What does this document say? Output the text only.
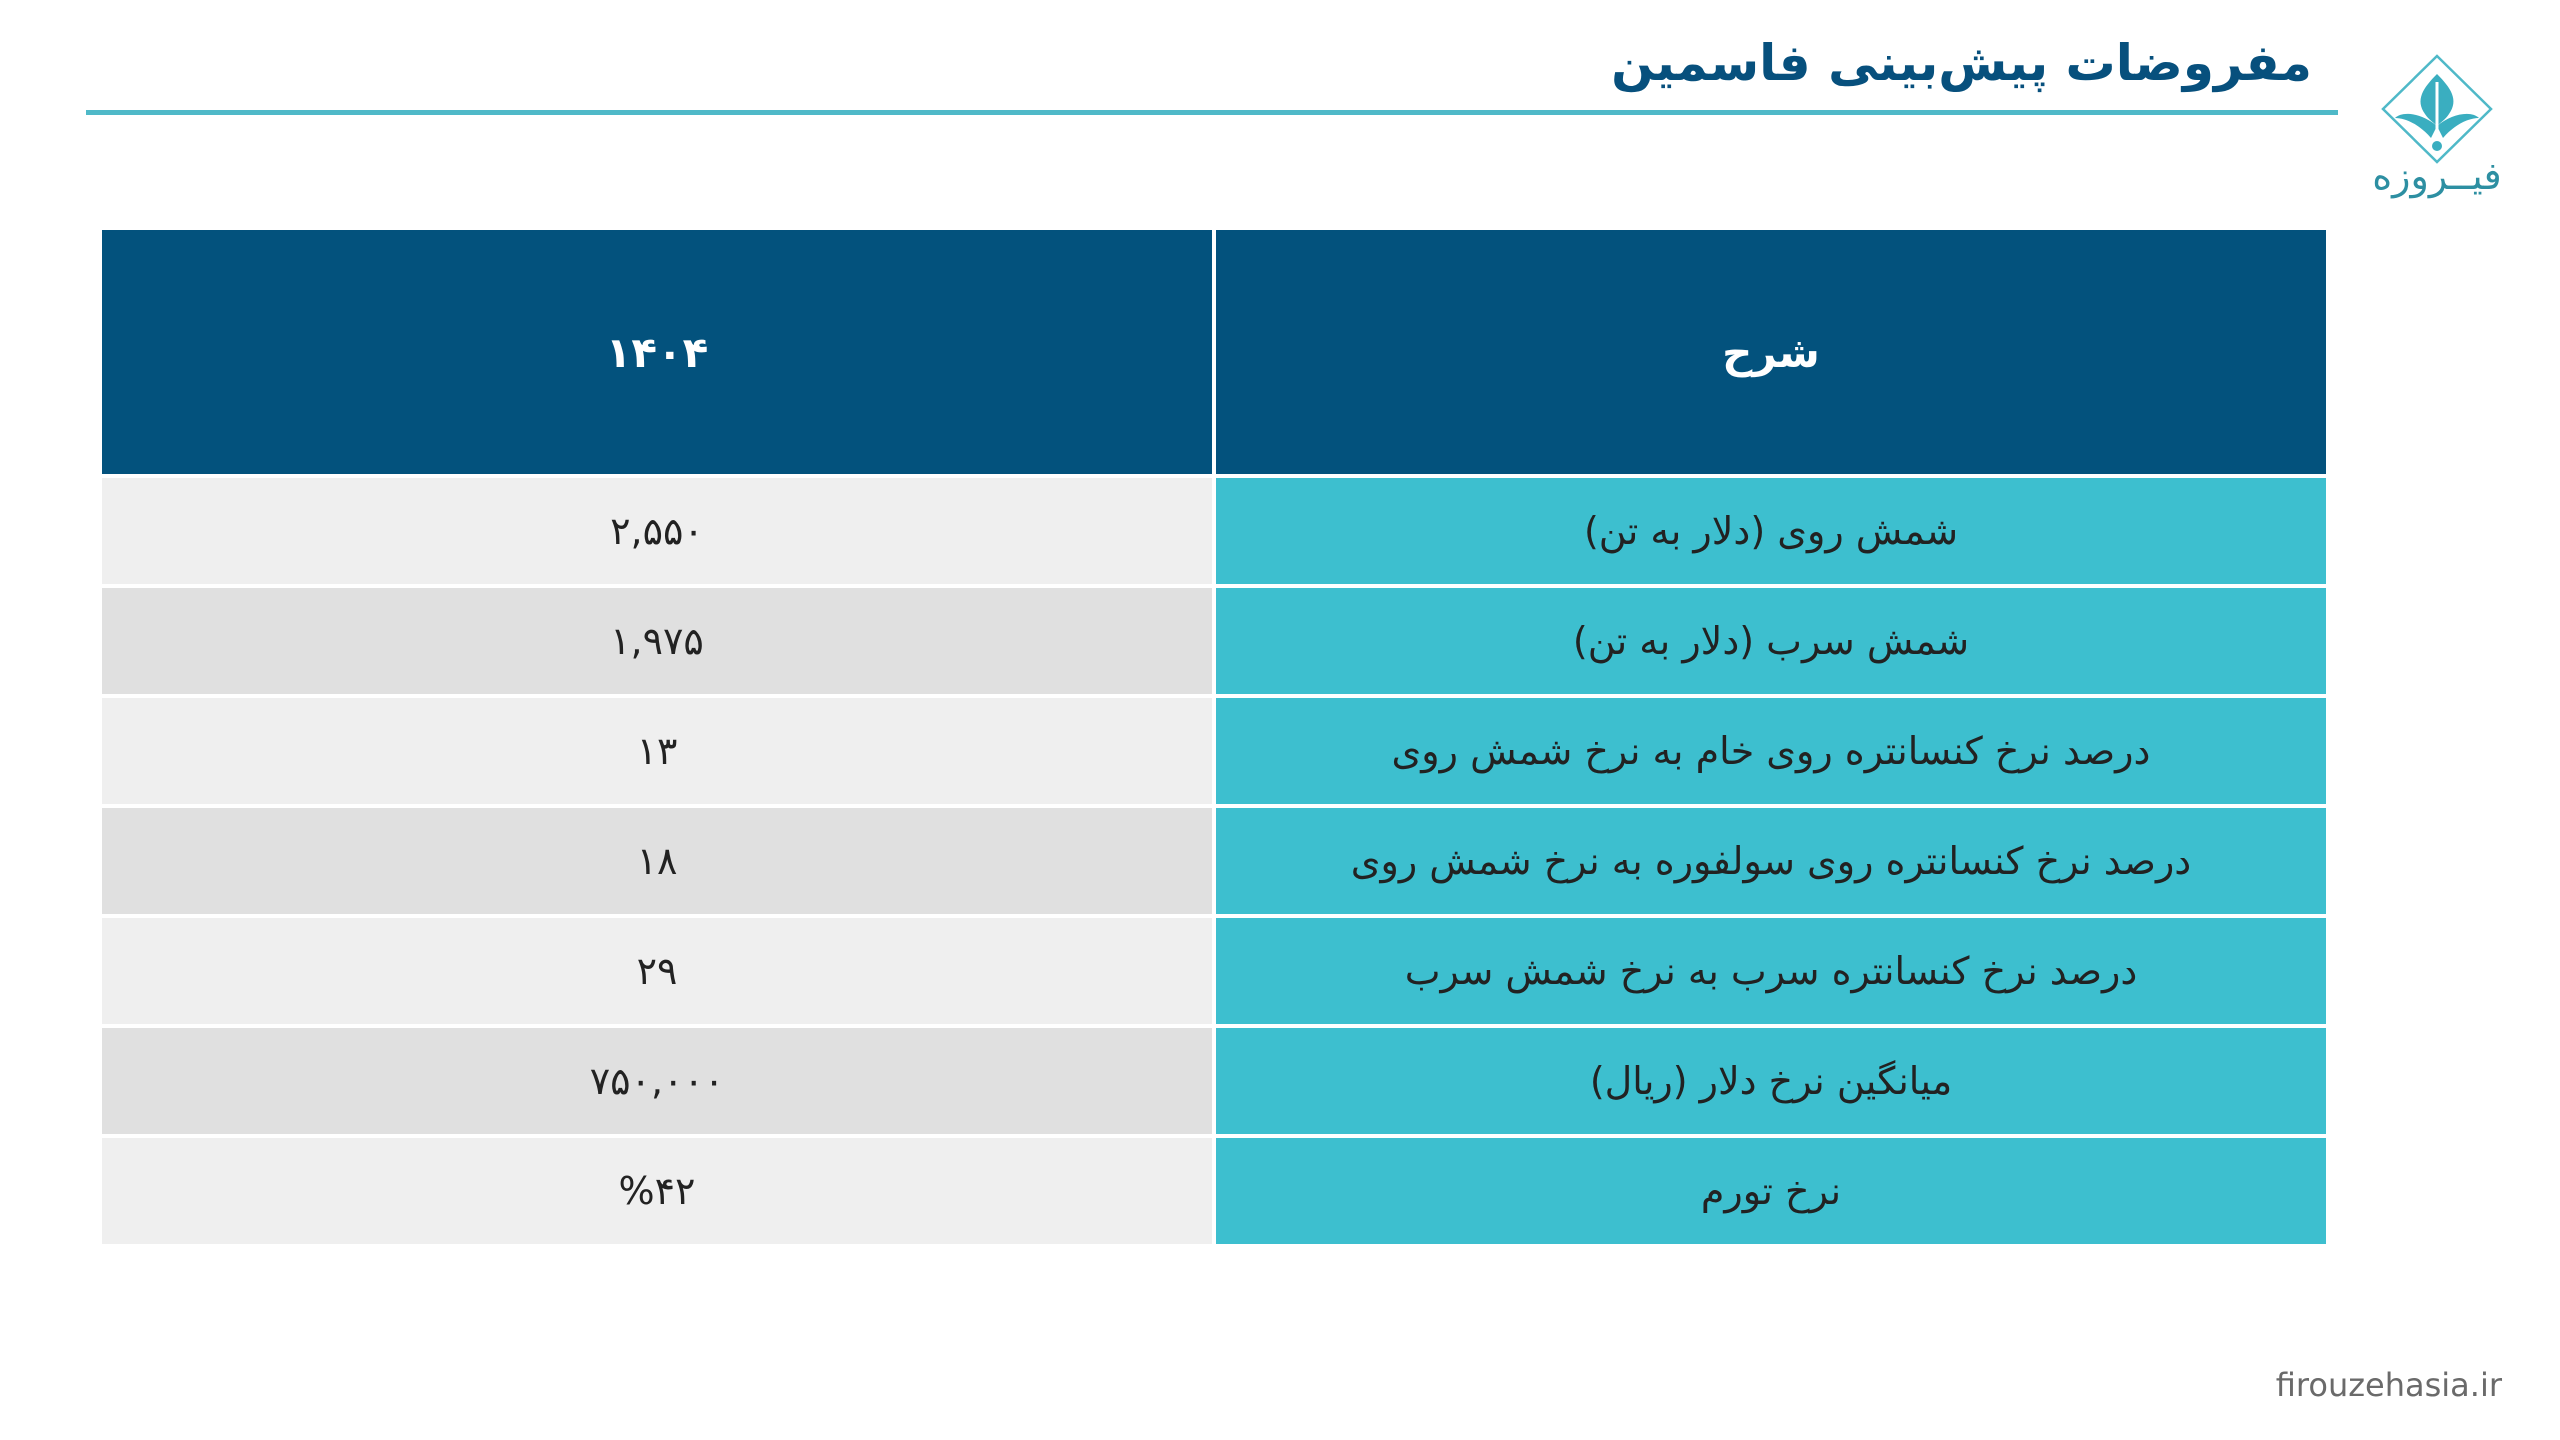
مفروضات پیش‌بینی فاسمین
فیــروزه
شرح	۱۴۰۴
شمش روی (دلار به تن)	۲,۵۵۰
شمش سرب (دلار به تن)	۱,۹۷۵
درصد نرخ کنسانتره روی خام به نرخ شمش روی	۱۳
درصد نرخ کنسانتره روی سولفوره به نرخ شمش روی	۱۸
درصد نرخ کنسانتره سرب به نرخ شمش سرب	۲۹
میانگین نرخ دلار (ریال)	۷۵۰,۰۰۰
نرخ تورم	%۴۲
firouzehasia.ir
